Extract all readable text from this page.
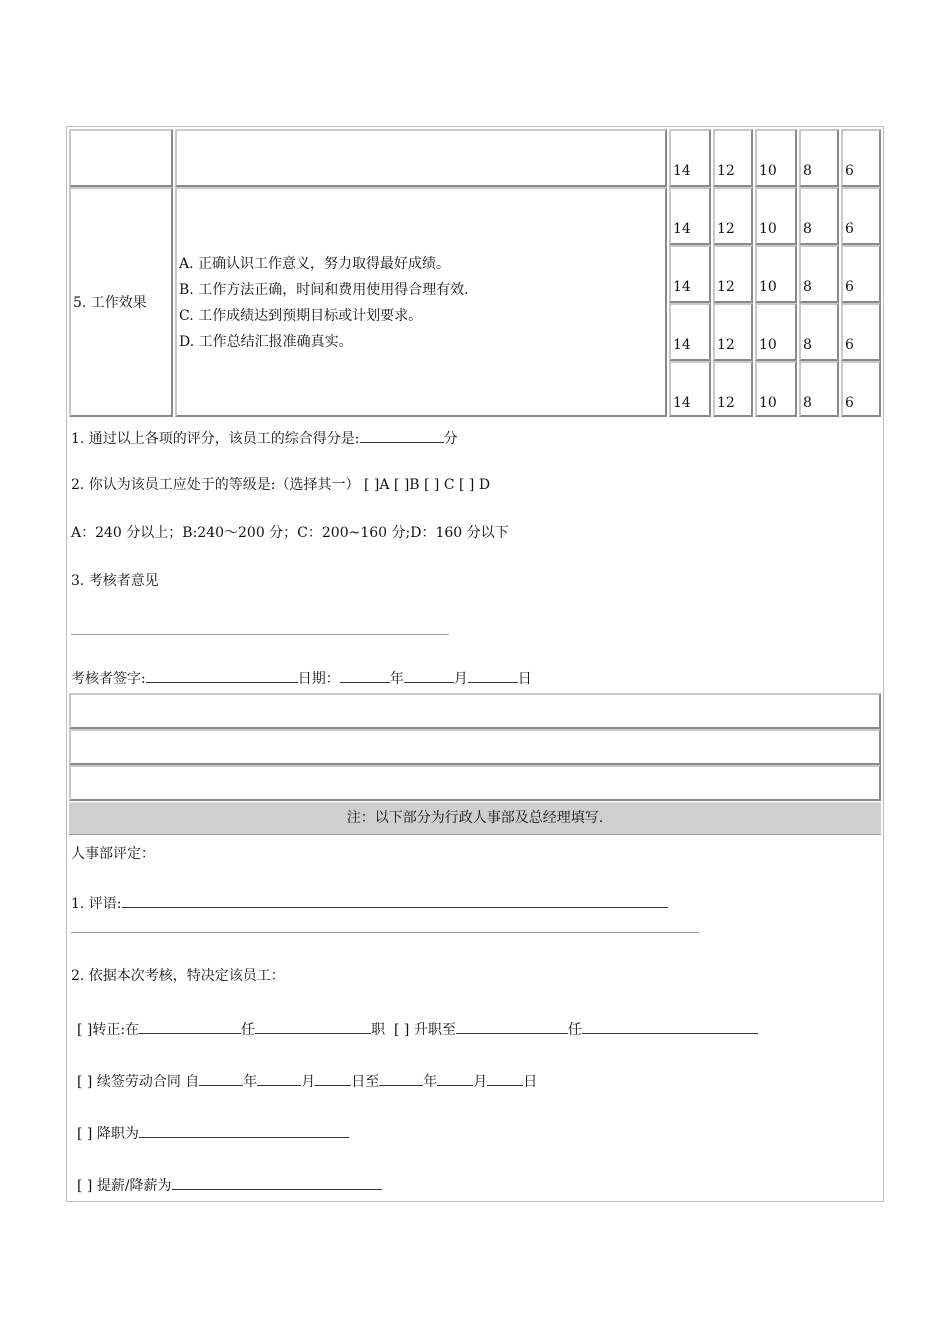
14 12 10 8 6
5. 工作效果
A. 正确认识工作意义，努力取得最好成绩。
B. 工作方法正确，时间和费用使用得合理有效.
C. 工作成绩达到预期目标或计划要求。
D. 工作总结汇报准确真实。
14 12 10 8 6
14 12 10 8 6
14 12 10 8 6
14 12 10 8 6
1. 通过以上各项的评分，该员工的综合得分是:	分
2. 你认为该员工应处于的等级是:（选择其一） [ ]A [ ]B [ ] C [ ] D
A：240 分以上；B:240～200 分；C：200~160 分;D：160 分以下
3. 考核者意见
考核者签字:	日期：	年	月	日
注：以下部分为行政人事部及总经理填写.
人事部评定：
1. 评语:
2. 依据本次考核，特决定该员工：
[ ]转正:在	任	职 [ ] 升职至	任
[ ] 续签劳动合同 自	年	月	日至	年	月	日
[ ] 降职为
[ ] 提薪/降薪为
